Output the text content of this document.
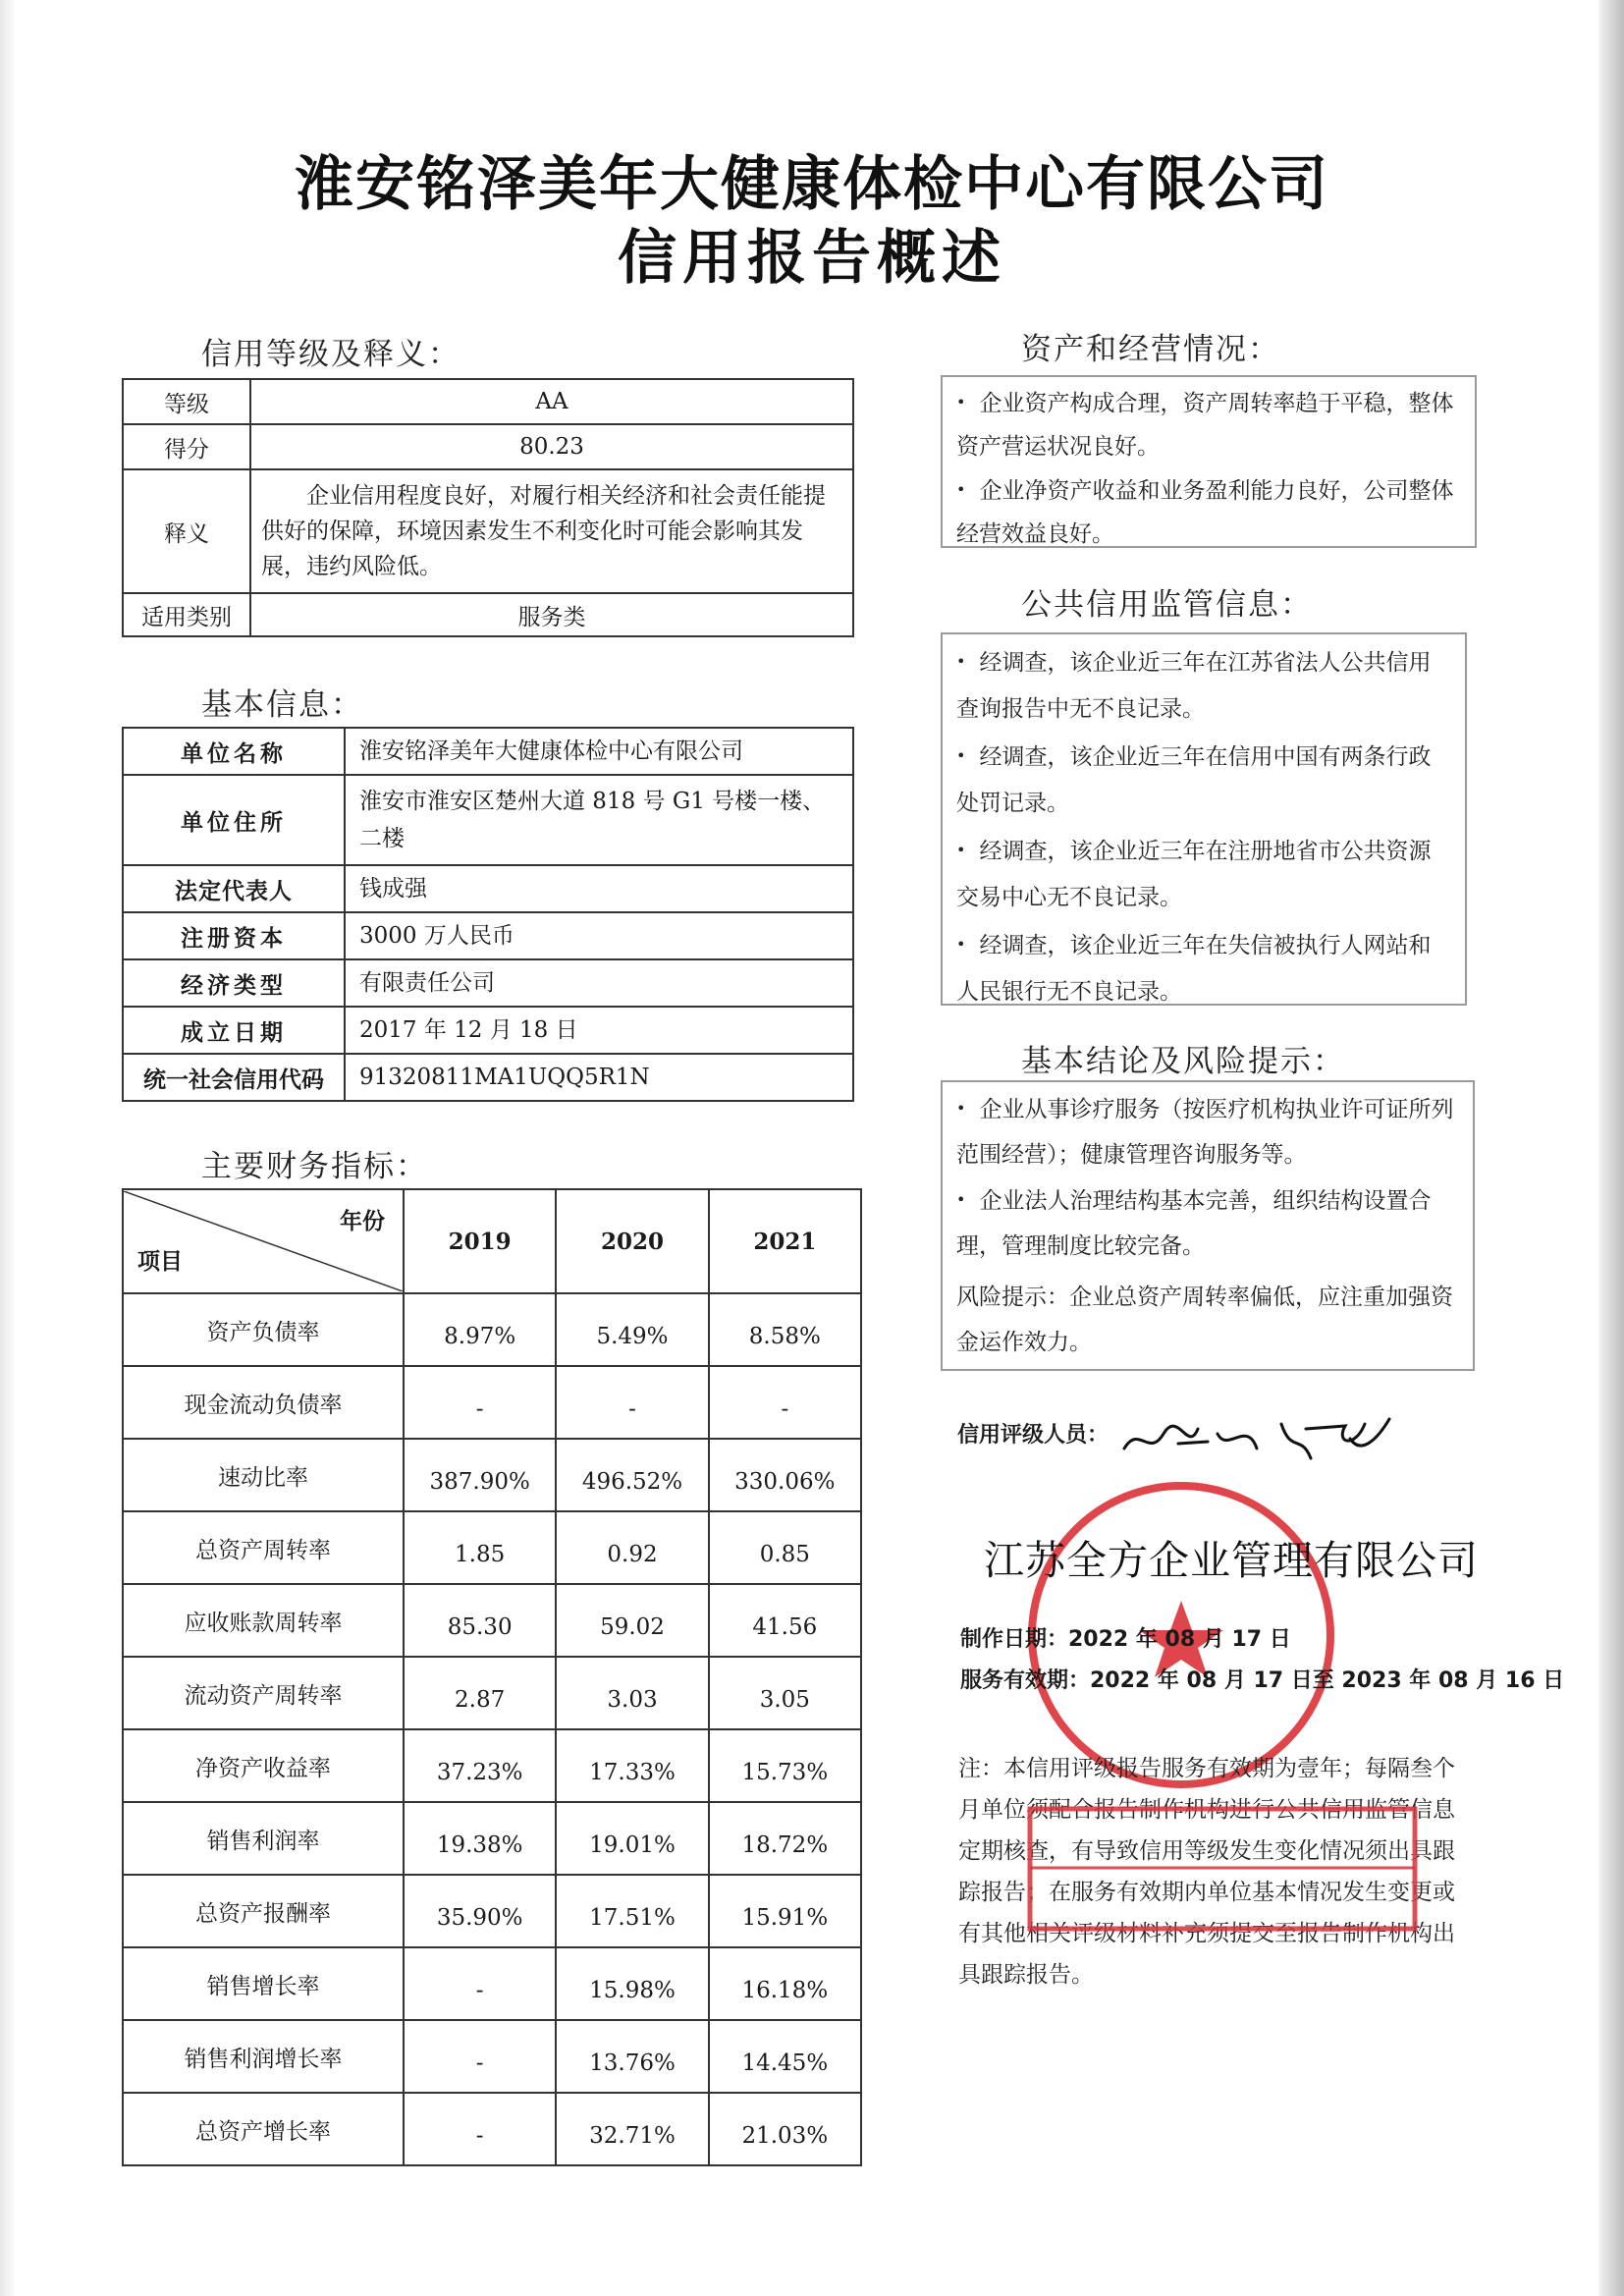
淮安铭泽美年大健康体检中心有限公司
信用报告概述
信用等级及释义：
等级	AA
得分	80.23
释义	企业信用程度良好，对履行相关经济和社会责任能提供好的保障，环境因素发生不利变化时可能会影响其发展，违约风险低。
适用类别	服务类
基本信息：
单位名称	淮安铭泽美年大健康体检中心有限公司
单位住所	淮安市淮安区楚州大道 818 号 G1 号楼一楼、二楼
法定代表人	钱成强
注册资本	3000 万人民币
经济类型	有限责任公司
成立日期	2017 年 12 月 18 日
统一社会信用代码	91320811MA1UQQ5R1N
主要财务指标：
年份
项目	2019	2020	2021
资产负债率	8.97%	5.49%	8.58%
现金流动负债率	-	-	-
速动比率	387.90%	496.52%	330.06%
总资产周转率	1.85	0.92	0.85
应收账款周转率	85.30	59.02	41.56
流动资产周转率	2.87	3.03	3.05
净资产收益率	37.23%	17.33%	15.73%
销售利润率	19.38%	19.01%	18.72%
总资产报酬率	35.90%	17.51%	15.91%
销售增长率	-	15.98%	16.18%
销售利润增长率	-	13.76%	14.45%
总资产增长率	-	32.71%	21.03%
资产和经营情况：
• 企业资产构成合理，资产周转率趋于平稳，整体资产营运状况良好。
• 企业净资产收益和业务盈利能力良好，公司整体经营效益良好。
公共信用监管信息：
• 经调查，该企业近三年在江苏省法人公共信用查询报告中无不良记录。
• 经调查，该企业近三年在信用中国有两条行政处罚记录。
• 经调查，该企业近三年在注册地省市公共资源交易中心无不良记录。
• 经调查，该企业近三年在失信被执行人网站和人民银行无不良记录。
基本结论及风险提示：
• 企业从事诊疗服务（按医疗机构执业许可证所列范围经营）；健康管理咨询服务等。
• 企业法人治理结构基本完善，组织结构设置合理，管理制度比较完备。
风险提示：企业总资产周转率偏低，应注重加强资金运作效力。
信用评级人员：
江苏全方企业管理有限公司
制作日期：2022 年 08 月 17 日
服务有效期：2022 年 08 月 17 日至 2023 年 08 月 16 日
注：本信用评级报告服务有效期为壹年；每隔叁个月单位须配合报告制作机构进行公共信用监管信息定期核查，有导致信用等级发生变化情况须出具跟踪报告；在服务有效期内单位基本情况发生变更或有其他相关评级材料补充须提交至报告制作机构出具跟踪报告。
